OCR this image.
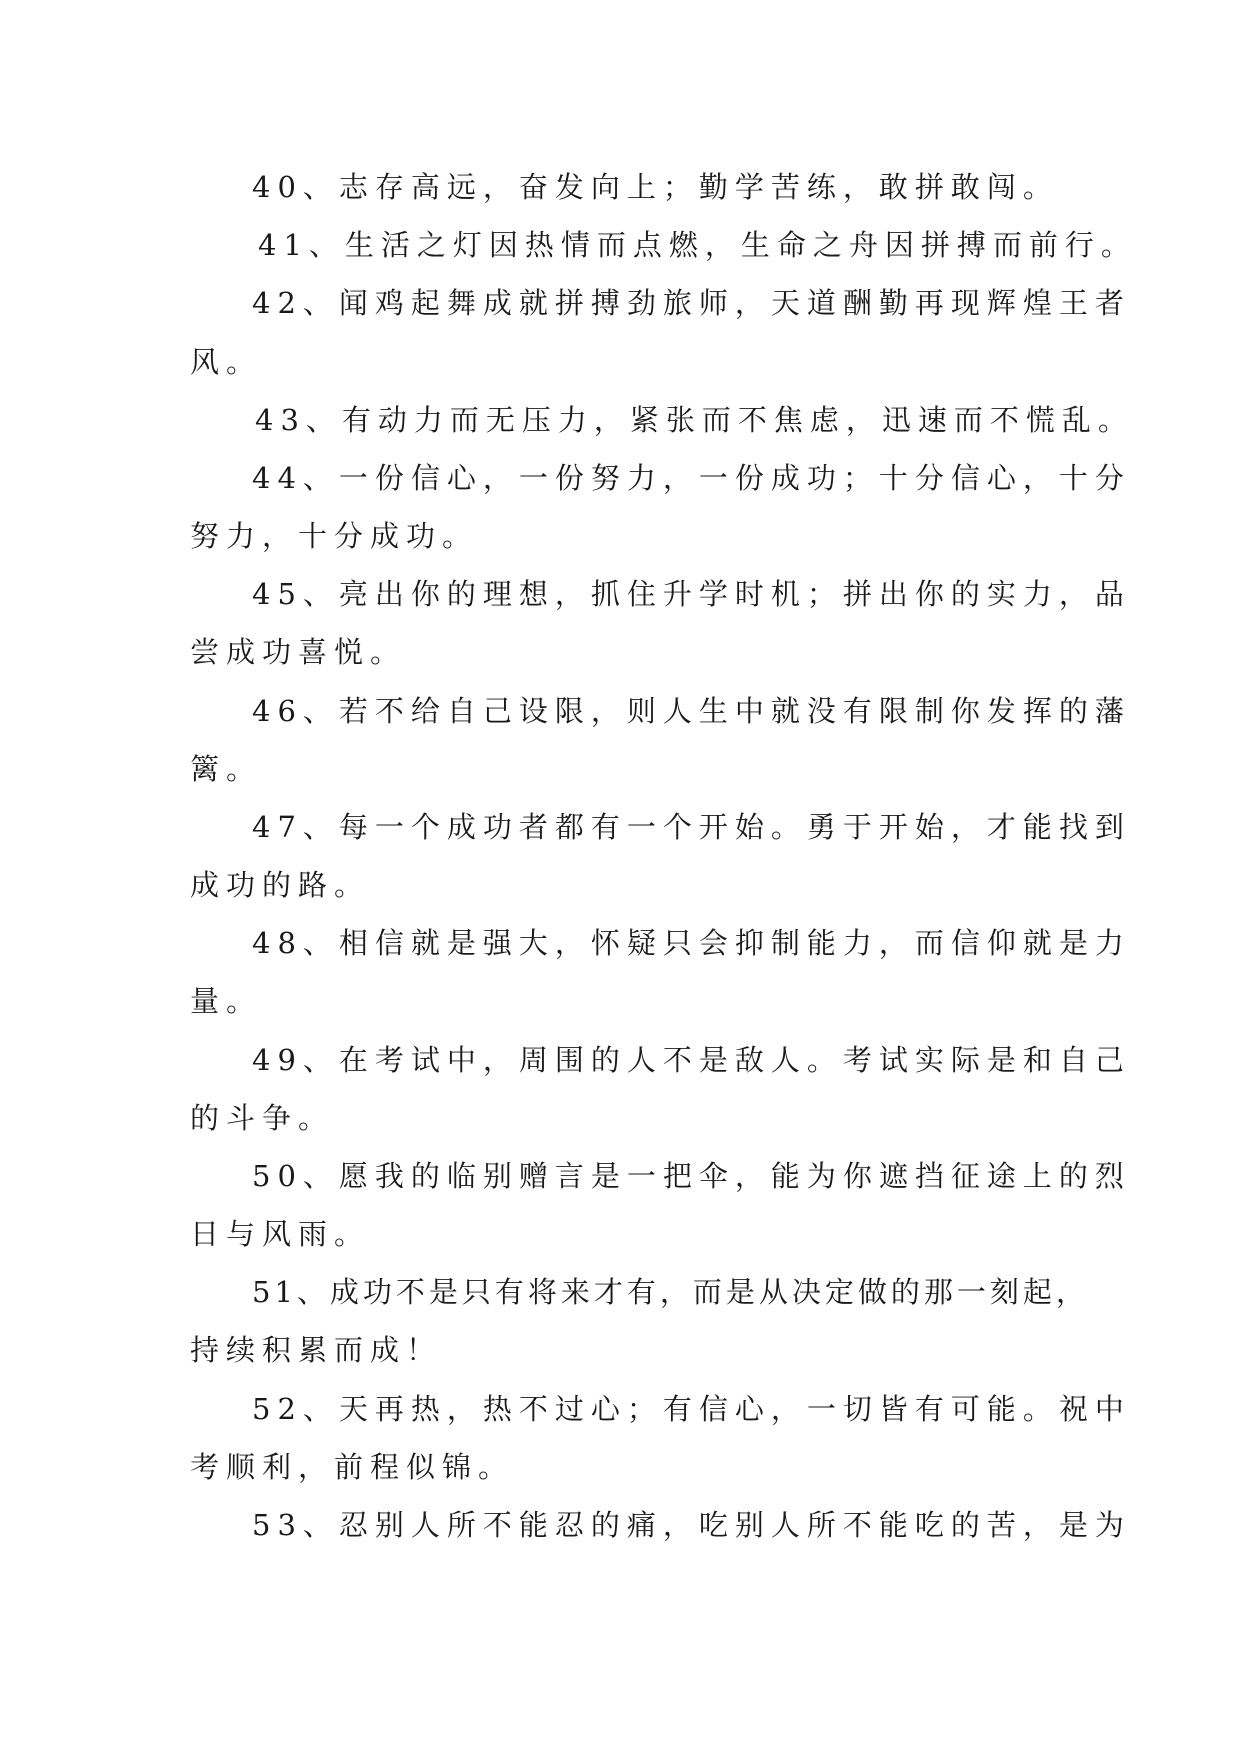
40、志存高远，奋发向上；勤学苦练，敢拼敢闯。
41、生活之灯因热情而点燃，生命之舟因拼搏而前行。
42、闻鸡起舞成就拼搏劲旅师，天道酬勤再现辉煌王者
风。
43、有动力而无压力，紧张而不焦虑，迅速而不慌乱。
44、一份信心，一份努力，一份成功；十分信心，十分
努力，十分成功。
45、亮出你的理想，抓住升学时机；拼出你的实力，品
尝成功喜悦。
46、若不给自己设限，则人生中就没有限制你发挥的藩
篱。
47、每一个成功者都有一个开始。勇于开始，才能找到
成功的路。
48、相信就是强大，怀疑只会抑制能力，而信仰就是力
量。
49、在考试中，周围的人不是敌人。考试实际是和自己
的斗争。
50、愿我的临别赠言是一把伞，能为你遮挡征途上的烈
日与风雨。
51、成功不是只有将来才有，而是从决定做的那一刻起，
持续积累而成！
52、天再热，热不过心；有信心，一切皆有可能。祝中
考顺利，前程似锦。
53、忍别人所不能忍的痛，吃别人所不能吃的苦，是为
